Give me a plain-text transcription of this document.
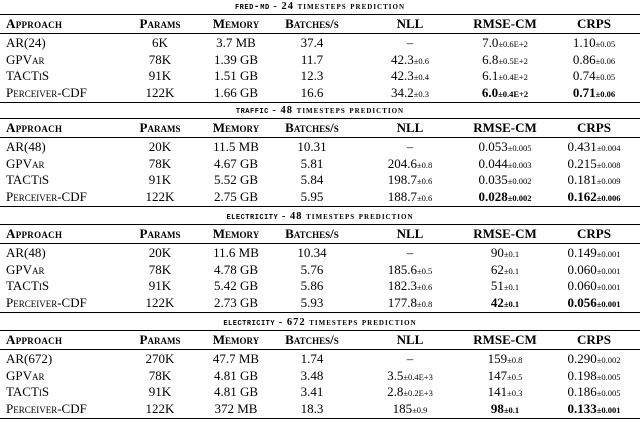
fred-md - 24 timesteps prediction
Approach	Params	Memory	Batches/s	NLL	RMSE-CM	CRPS
AR(24)	6K	3.7 MB	37.4	–	7.0±0.6E+2	1.10±0.05
GPVar	78K	1.39 GB	11.7	42.3±0.6	6.8±0.5E+2	0.86±0.06
TACTiS	91K	1.51 GB	12.3	42.3±0.4	6.1±0.4E+2	0.74±0.05
Perceiver-CDF	122K	1.66 GB	16.6	34.2±0.3	6.0±0.4E+2	0.71±0.06
traffic - 48 timesteps prediction
Approach	Params	Memory	Batches/s	NLL	RMSE-CM	CRPS
AR(48)	20K	11.5 MB	10.31	–	0.053±0.005	0.431±0.004
GPVar	78K	4.67 GB	5.81	204.6±0.8	0.044±0.003	0.215±0.008
TACTiS	91K	5.52 GB	5.84	198.7±0.6	0.035±0.002	0.181±0.009
Perceiver-CDF	122K	2.75 GB	5.95	188.7±0.6	0.028±0.002	0.162±0.006
electricity - 48 timesteps prediction
Approach	Params	Memory	Batches/s	NLL	RMSE-CM	CRPS
AR(48)	20K	11.6 MB	10.34	–	90±0.1	0.149±0.001
GPVar	78K	4.78 GB	5.76	185.6±0.5	62±0.1	0.060±0.001
TACTiS	91K	5.42 GB	5.86	182.3±0.6	51±0.1	0.060±0.001
Perceiver-CDF	122K	2.73 GB	5.93	177.8±0.8	42±0.1	0.056±0.001
electricity - 672 timesteps prediction
Approach	Params	Memory	Batches/s	NLL	RMSE-CM	CRPS
AR(672)	270K	47.7 MB	1.74	–	159±0.8	0.290±0.002
GPVar	78K	4.81 GB	3.48	3.5±0.4E+3	147±0.5	0.198±0.005
TACTiS	91K	4.81 GB	3.41	2.8±0.2E+3	141±0.3	0.186±0.005
Perceiver-CDF	122K	372 MB	18.3	185±0.9	98±0.1	0.133±0.001
